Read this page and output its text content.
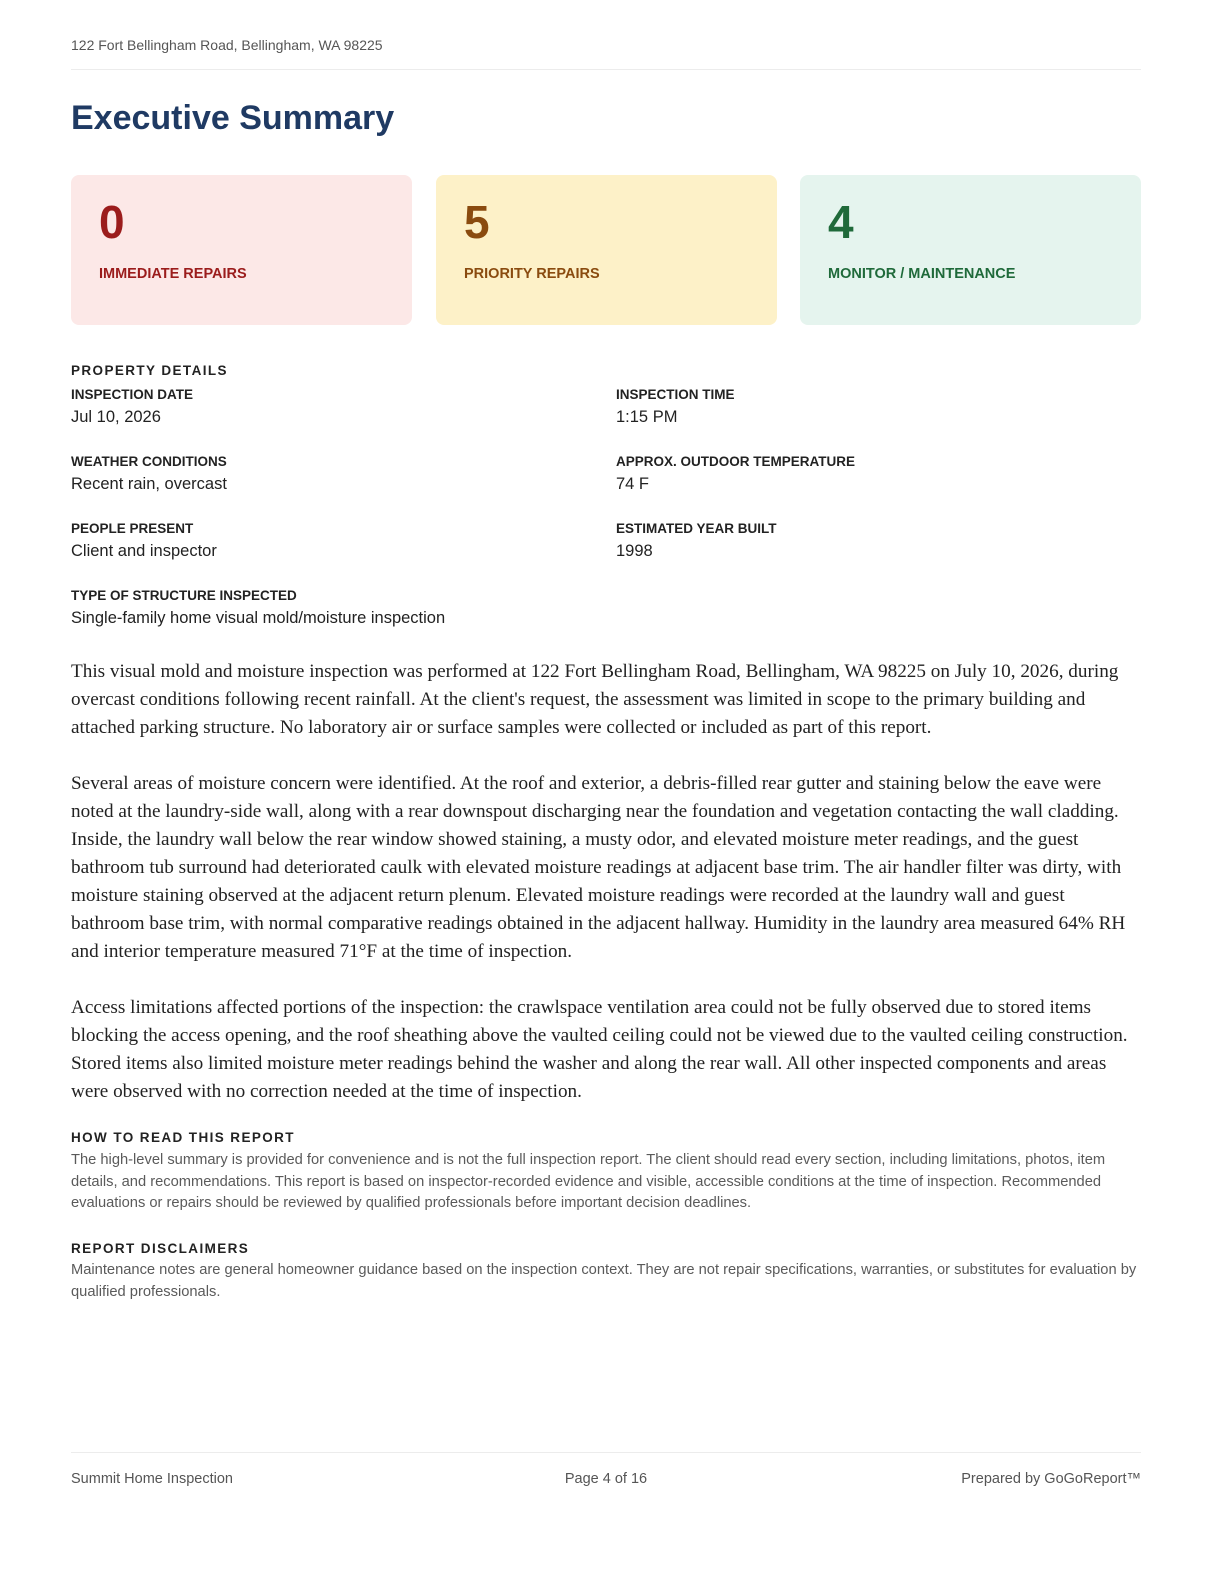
122 Fort Bellingham Road, Bellingham, WA 98225
Executive Summary
0
IMMEDIATE REPAIRS
5
PRIORITY REPAIRS
4
MONITOR / MAINTENANCE
PROPERTY DETAILS
INSPECTION DATE
Jul 10, 2026
INSPECTION TIME
1:15 PM
WEATHER CONDITIONS
Recent rain, overcast
APPROX. OUTDOOR TEMPERATURE
74 F
PEOPLE PRESENT
Client and inspector
ESTIMATED YEAR BUILT
1998
TYPE OF STRUCTURE INSPECTED
Single-family home visual mold/moisture inspection

This visual mold and moisture inspection was performed at 122 Fort Bellingham Road, Bellingham, WA 98225 on July 10, 2026, during overcast conditions following recent rainfall. At the client's request, the assessment was limited in scope to the primary building and attached parking structure. No laboratory air or surface samples were collected or included as part of this report.

Several areas of moisture concern were identified. At the roof and exterior, a debris-filled rear gutter and staining below the eave were noted at the laundry-side wall, along with a rear downspout discharging near the foundation and vegetation contacting the wall cladding. Inside, the laundry wall below the rear window showed staining, a musty odor, and elevated moisture meter readings, and the guest bathroom tub surround had deteriorated caulk with elevated moisture readings at adjacent base trim. The air handler filter was dirty, with moisture staining observed at the adjacent return plenum. Elevated moisture readings were recorded at the laundry wall and guest bathroom base trim, with normal comparative readings obtained in the adjacent hallway. Humidity in the laundry area measured 64% RH and interior temperature measured 71°F at the time of inspection.

Access limitations affected portions of the inspection: the crawlspace ventilation area could not be fully observed due to stored items blocking the access opening, and the roof sheathing above the vaulted ceiling could not be viewed due to the vaulted ceiling construction. Stored items also limited moisture meter readings behind the washer and along the rear wall. All other inspected components and areas were observed with no correction needed at the time of inspection.

HOW TO READ THIS REPORT
The high-level summary is provided for convenience and is not the full inspection report. The client should read every section, including limitations, photos, item details, and recommendations. This report is based on inspector-recorded evidence and visible, accessible conditions at the time of inspection. Recommended evaluations or repairs should be reviewed by qualified professionals before important decision deadlines.
REPORT DISCLAIMERS
Maintenance notes are general homeowner guidance based on the inspection context. They are not repair specifications, warranties, or substitutes for evaluation by qualified professionals.
Summit Home Inspection	Page 4 of 16	Prepared by GoGoReport™
